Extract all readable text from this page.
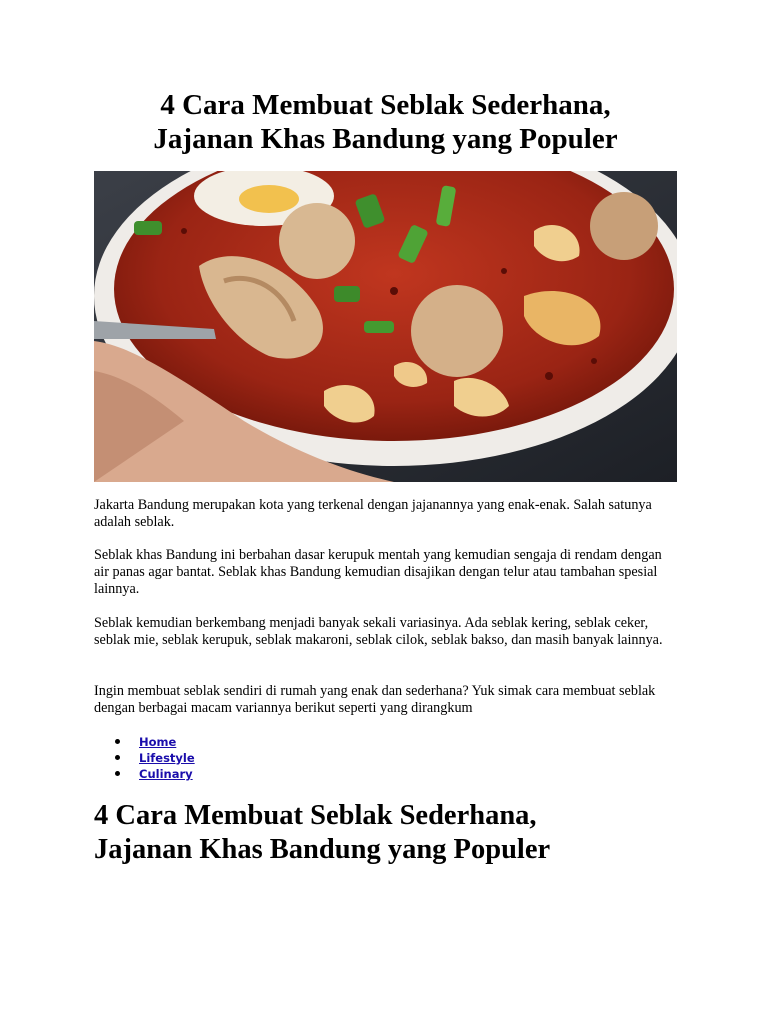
4 Cara Membuat Seblak Sederhana,
Jajanan Khas Bandung yang Populer

Jakarta Bandung merupakan kota yang terkenal dengan jajanannya yang enak-enak. Salah satunya adalah seblak.

Seblak khas Bandung ini berbahan dasar kerupuk mentah yang kemudian sengaja di rendam dengan air panas agar bantat. Seblak khas Bandung kemudian disajikan dengan telur atau tambahan spesial lainnya.

Seblak kemudian berkembang menjadi banyak sekali variasinya. Ada seblak kering, seblak ceker, seblak mie, seblak kerupuk, seblak makaroni, seblak cilok, seblak bakso, dan masih banyak lainnya.

Ingin membuat seblak sendiri di rumah yang enak dan sederhana? Yuk simak cara membuat seblak dengan berbagai macam variannya berikut seperti yang dirangkum

Home
Lifestyle
Culinary
4 Cara Membuat Seblak Sederhana,
Jajanan Khas Bandung yang Populer
